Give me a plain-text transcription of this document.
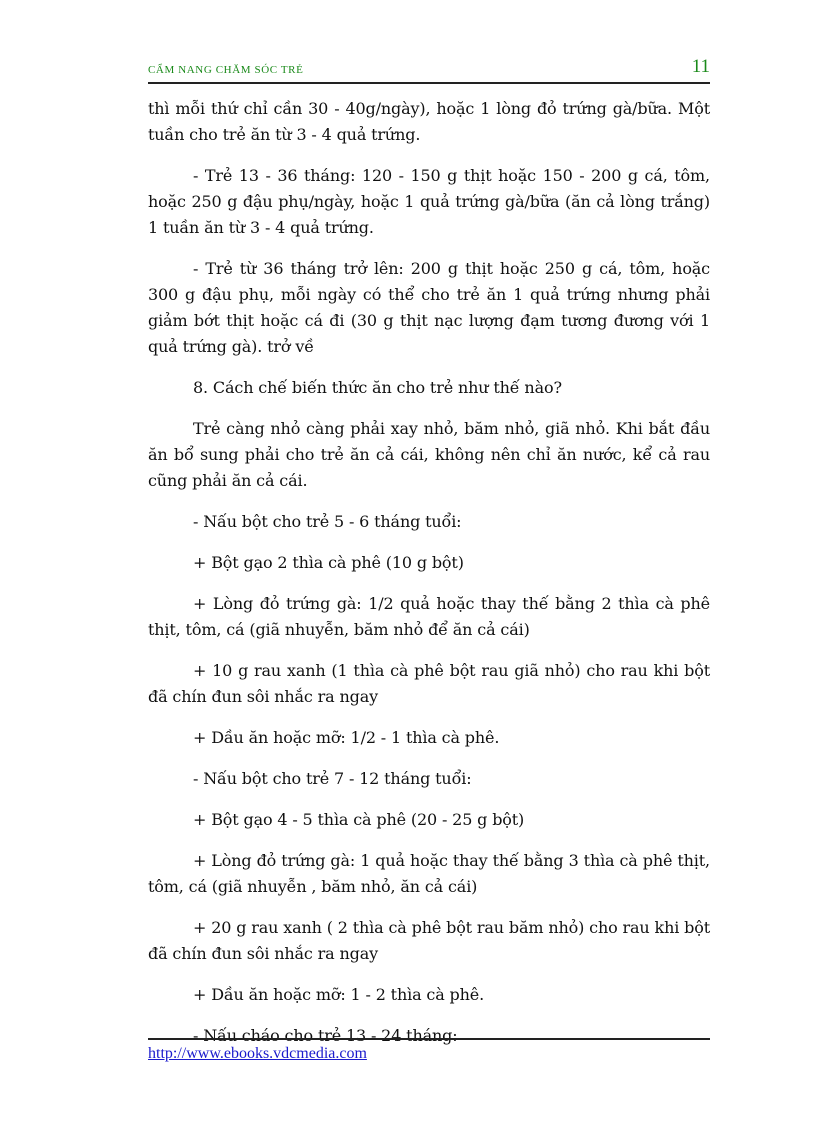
CẨM NANG CHĂM SÓC TRẺ	11

thì mỗi thứ chỉ cần 30 - 40g/ngày), hoặc 1 lòng đỏ trứng gà/bữa. Một tuần cho trẻ ăn từ 3 - 4 quả trứng.

- Trẻ 13 - 36 tháng: 120 - 150 g thịt hoặc 150 - 200 g cá, tôm, hoặc 250 g đậu phụ/ngày, hoặc 1 quả trứng gà/bữa (ăn cả lòng trắng) 1 tuần ăn từ 3 - 4 quả trứng.

- Trẻ từ 36 tháng trở lên: 200 g thịt hoặc 250 g cá, tôm, hoặc 300 g đậu phụ, mỗi ngày có thể cho trẻ ăn 1 quả trứng nhưng phải giảm bớt thịt hoặc cá đi (30 g thịt nạc lượng đạm tương đương với 1 quả trứng gà). trở về

8. Cách chế biến thức ăn cho trẻ như thế nào?

Trẻ càng nhỏ càng phải xay nhỏ, băm nhỏ, giã nhỏ. Khi bắt đầu ăn bổ sung phải cho trẻ ăn cả cái, không nên chỉ ăn nước, kể cả rau cũng phải ăn cả cái.

- Nấu bột cho trẻ 5 - 6 tháng tuổi:

+ Bột gạo 2 thìa cà phê (10 g bột)

+ Lòng đỏ trứng gà: 1/2 quả hoặc thay thế bằng 2 thìa cà phê thịt, tôm, cá (giã nhuyễn, băm nhỏ để ăn cả cái)

+ 10 g rau xanh (1 thìa cà phê bột rau giã nhỏ) cho rau khi bột đã chín đun sôi nhắc ra ngay

+ Dầu ăn hoặc mỡ: 1/2 - 1 thìa cà phê.

- Nấu bột cho trẻ 7 - 12 tháng tuổi:

+ Bột gạo 4 - 5 thìa cà phê (20 - 25 g bột)

+ Lòng đỏ trứng gà: 1 quả hoặc thay thế bằng 3 thìa cà phê thịt, tôm, cá (giã nhuyễn , băm nhỏ, ăn cả cái)

+ 20 g rau xanh ( 2 thìa cà phê bột rau băm nhỏ) cho rau khi bột đã chín đun sôi nhắc ra ngay

+ Dầu ăn hoặc mỡ: 1 - 2 thìa cà phê.

- Nấu cháo cho trẻ 13 - 24 tháng:

http://www.ebooks.vdcmedia.com
